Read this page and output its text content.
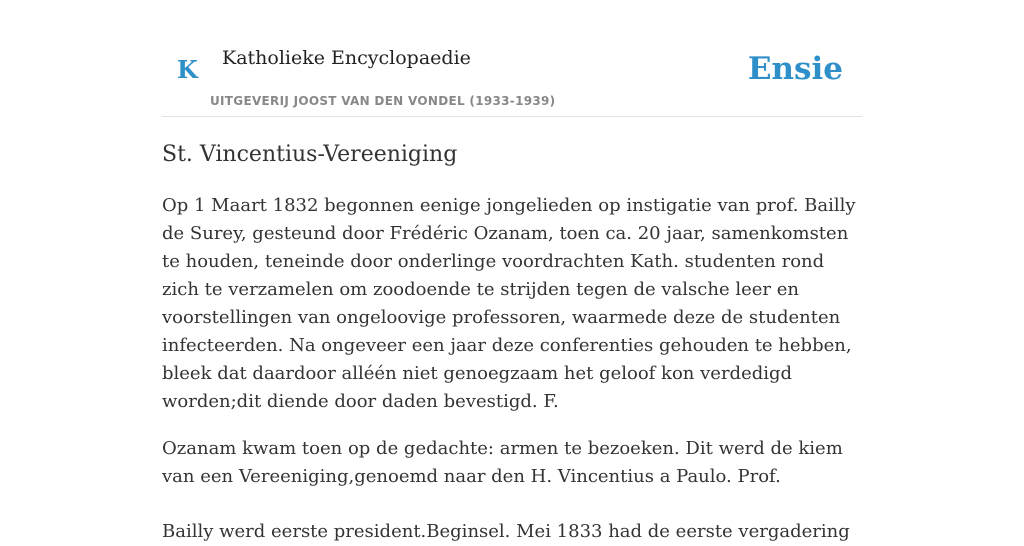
K Katholieke Encyclopaedie
UITGEVERIJ JOOST VAN DEN VONDEL (1933-1939)
Ensie
St. Vincentius-Vereeniging

Op 1 Maart 1832 begonnen eenige jongelieden op instigatie van prof. Bailly de Surey, gesteund door Frédéric Ozanam, toen ca. 20 jaar, samenkomsten te houden, teneinde door onderlinge voordrachten Kath. studenten rond zich te verzamelen om zoodoende te strijden tegen de valsche leer en voorstellingen van ongeloovige professoren, waarmede deze de studenten infecteerden. Na ongeveer een jaar deze conferenties gehouden te hebben, bleek dat daardoor alléén niet genoegzaam het geloof kon verdedigd worden;dit diende door daden bevestigd. F.

Ozanam kwam toen op de gedachte: armen te bezoeken. Dit werd de kiem van een Vereeniging,genoemd naar den H. Vincentius a Paulo. Prof.

Bailly werd eerste president.Beginsel. Mei 1833 had de eerste vergadering
